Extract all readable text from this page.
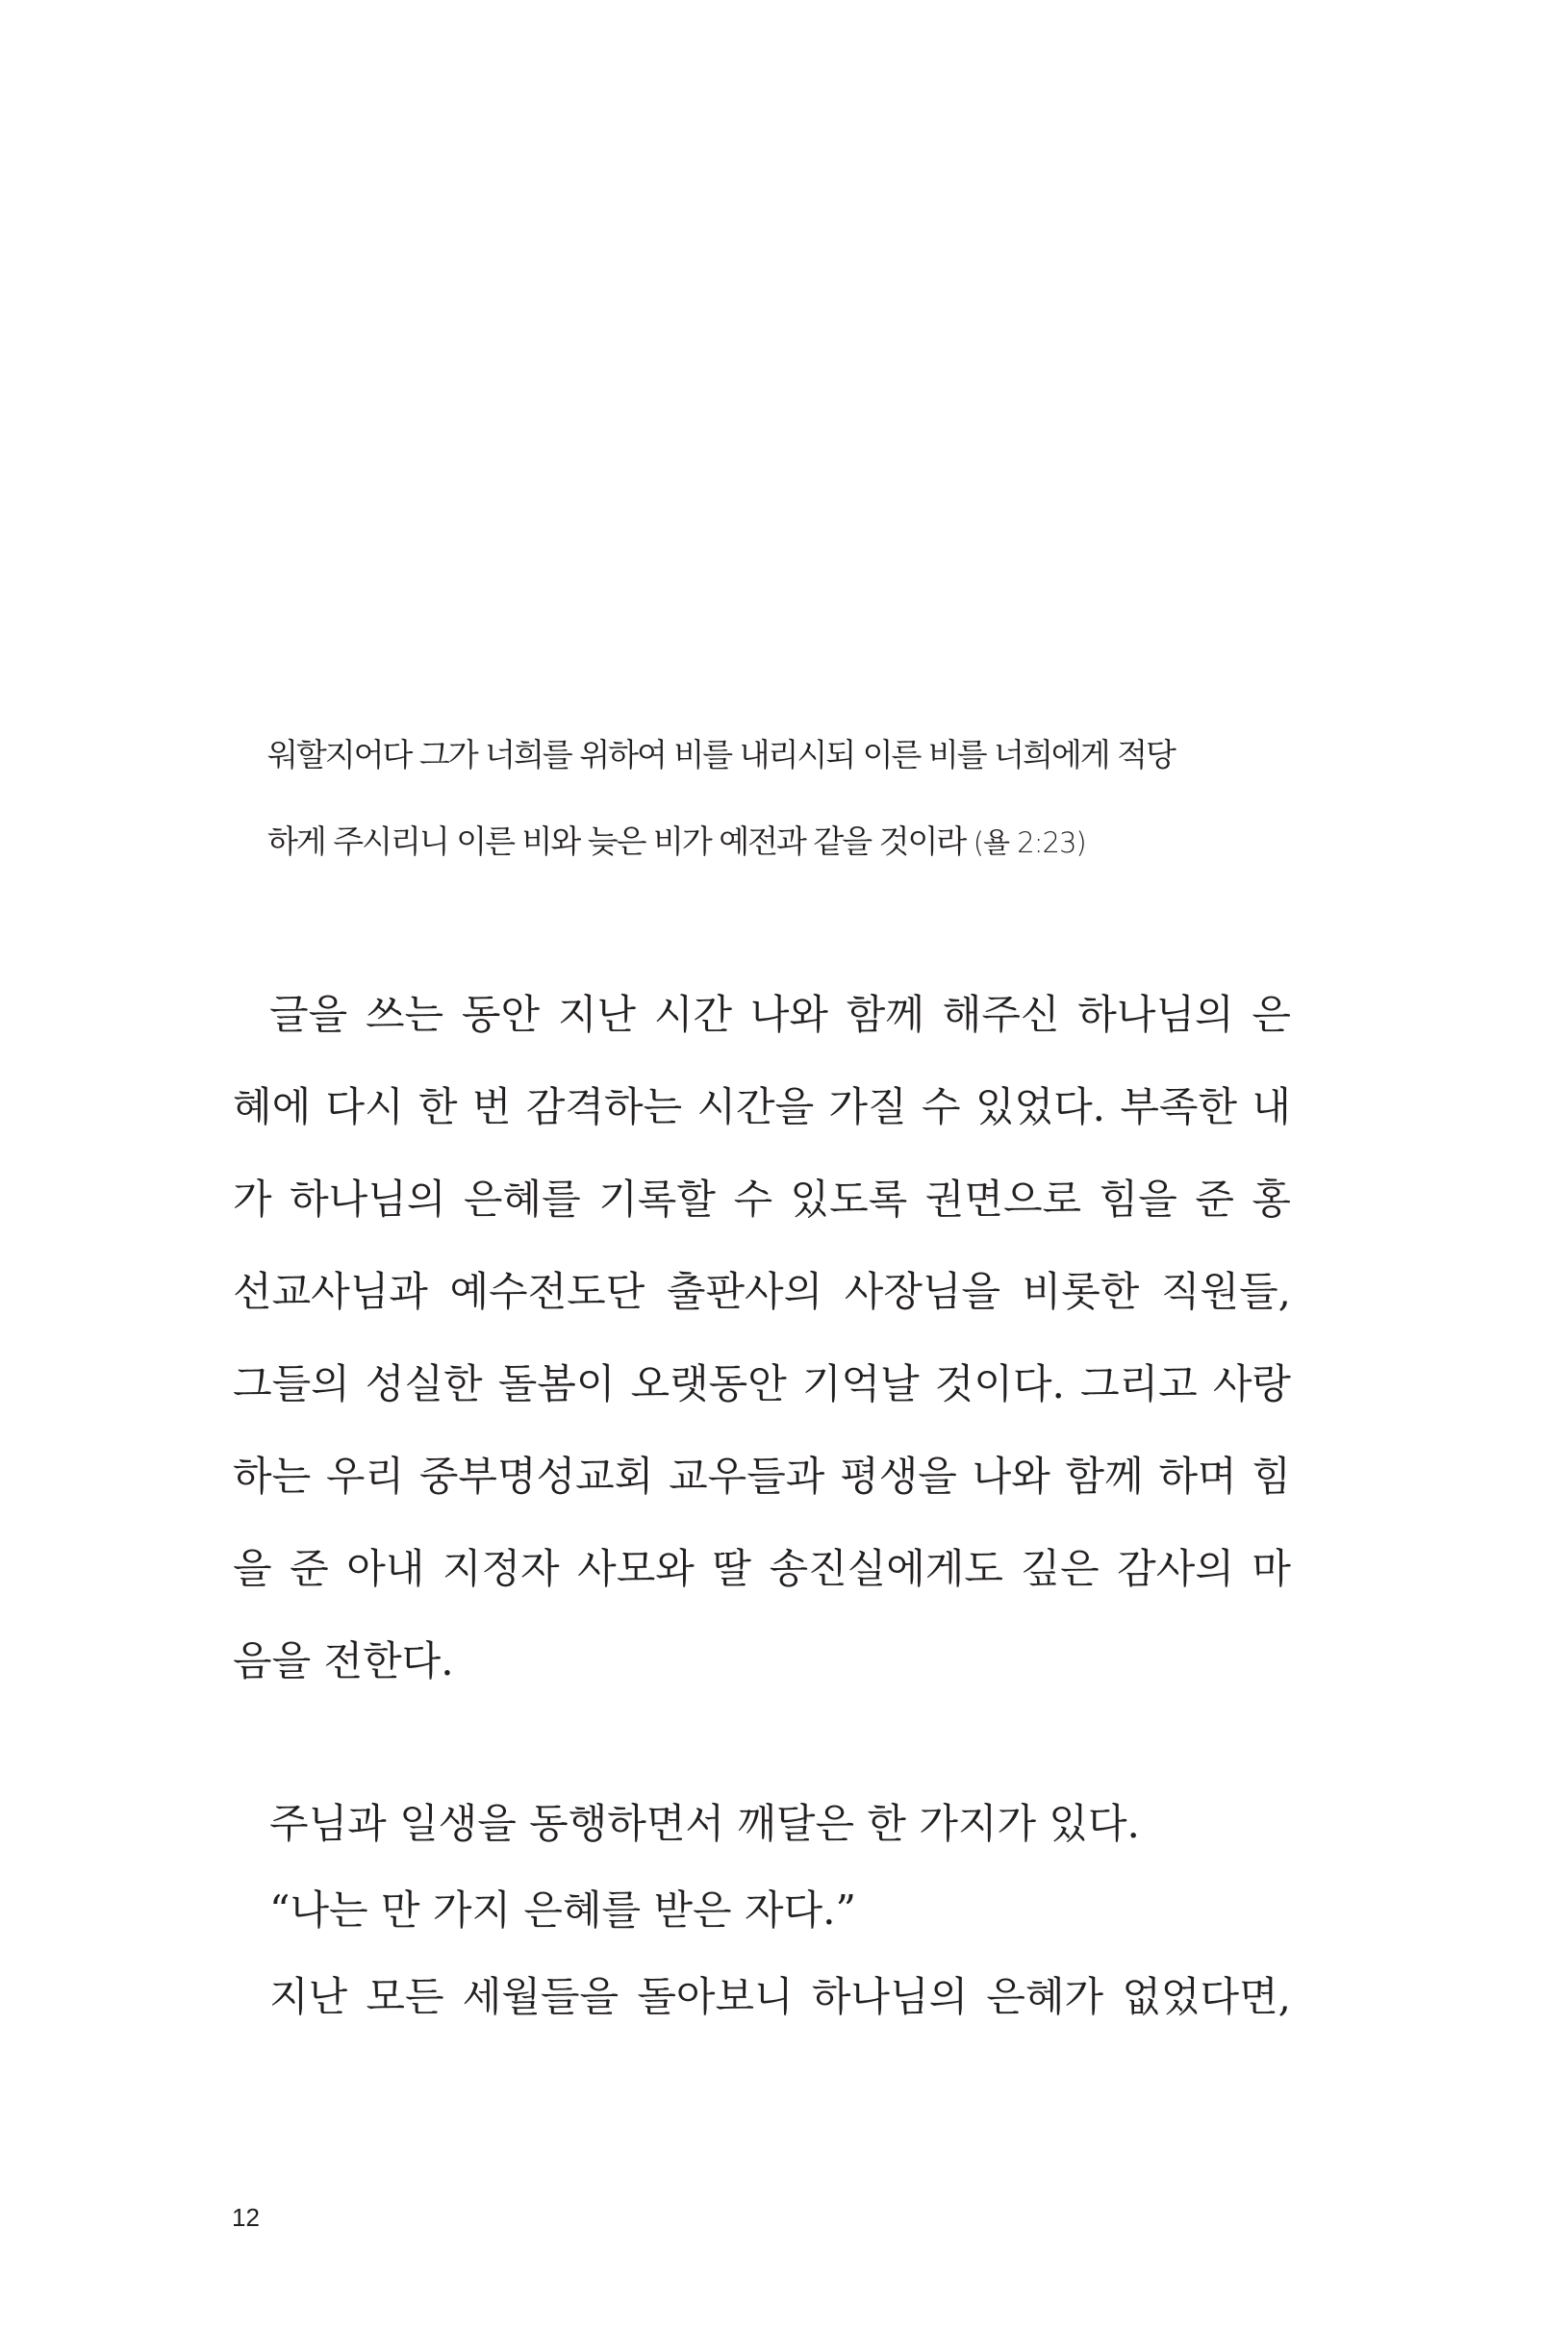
워할지어다 그가 너희를 위하여 비를 내리시되 이른 비를 너희에게 적당
하게 주시리니 이른 비와 늦은 비가 예전과 같을 것이라 (욜 2:23)
글을 쓰는 동안 지난 시간 나와 함께 해주신 하나님의 은
혜에 다시 한 번 감격하는 시간을 가질 수 있었다. 부족한 내
가 하나님의 은혜를 기록할 수 있도록 권면으로 힘을 준 홍
선교사님과 예수전도단 출판사의 사장님을 비롯한 직원들,
그들의 성실한 돌봄이 오랫동안 기억날 것이다. 그리고 사랑
하는 우리 중부명성교회 교우들과 평생을 나와 함께 하며 힘
을 준 아내 지정자 사모와 딸 송진실에게도 깊은 감사의 마
음을 전한다.
주님과 일생을 동행하면서 깨달은 한 가지가 있다.
“나는 만 가지 은혜를 받은 자다.”
지난 모든 세월들을 돌아보니 하나님의 은혜가 없었다면,
12
